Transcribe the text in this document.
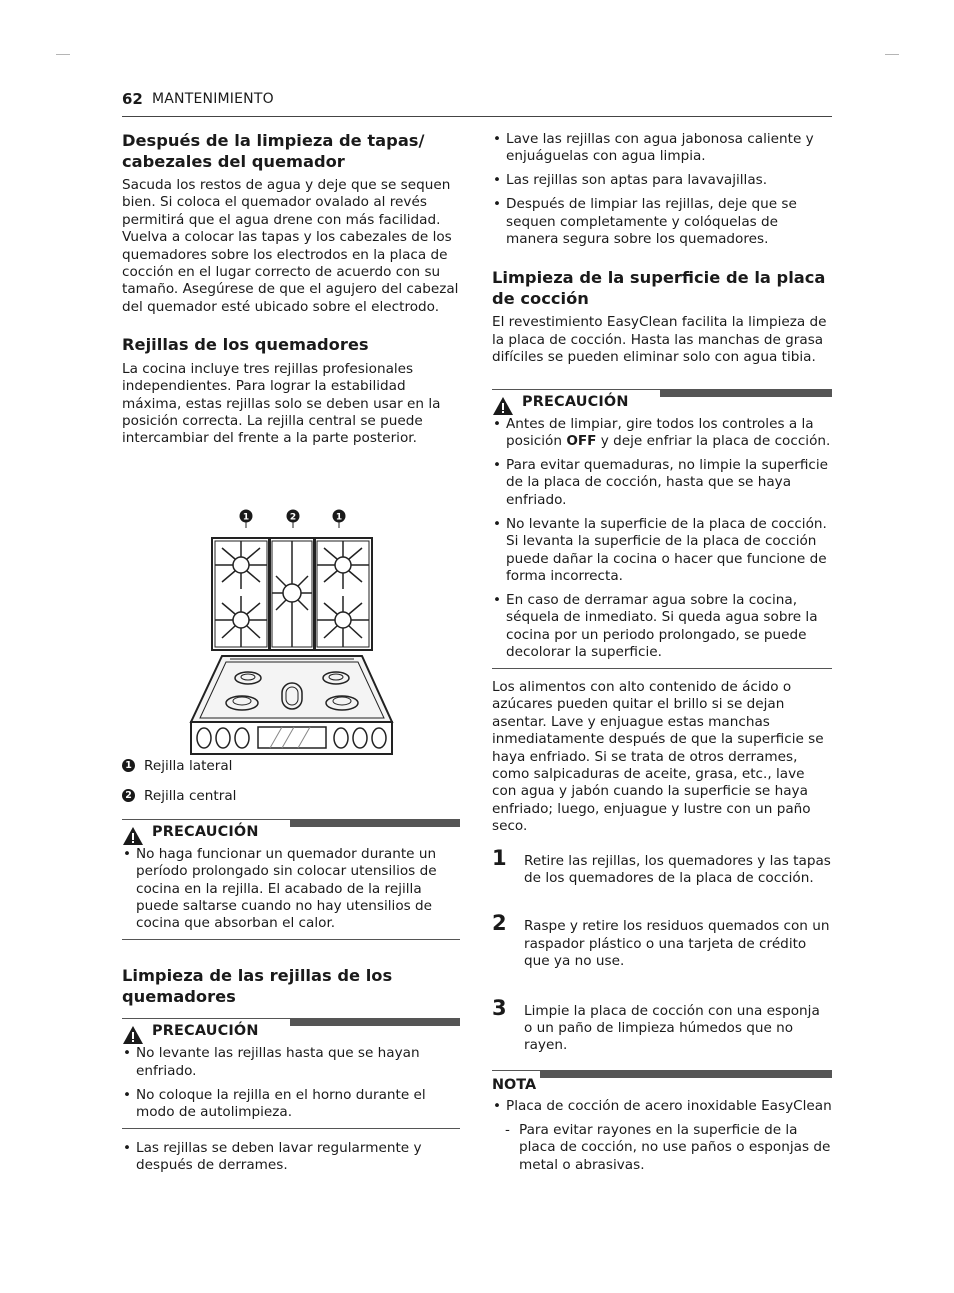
62 MANTENIMIENTO
Después de la limpieza de tapas/ cabezales del quemador

Sacuda los restos de agua y deje que se sequen bien. Si coloca el quemador ovalado al revés permitirá que el agua drene con más facilidad. Vuelva a colocar las tapas y los cabezales de los quemadores sobre los electrodos en la placa de cocción en el lugar correcto de acuerdo con su tamaño. Asegúrese de que el agujero del cabezal del quemador esté ubicado sobre el electrodo.

Rejillas de los quemadores

La cocina incluye tres rejillas profesionales independientes. Para lograr la estabilidad máxima, estas rejillas solo se deben usar en la posición correcta. La rejilla central se puede intercambiar del frente a la parte posterior.

1	2	1
1 Rejilla lateral
2 Rejilla central
PRECAUCIÓN
• No haga funcionar un quemador durante un período prolongado sin colocar utensilios de cocina en la rejilla. El acabado de la rejilla puede saltarse cuando no hay utensilios de cocina que absorban el calor.
Limpieza de las rejillas de los quemadores
PRECAUCIÓN
• No levante las rejillas hasta que se hayan enfriado.
• No coloque la rejilla en el horno durante el modo de autolimpieza.
• Las rejillas se deben lavar regularmente y después de derrames.
• Lave las rejillas con agua jabonosa caliente y enjuáguelas con agua limpia.
• Las rejillas son aptas para lavavajillas.
• Después de limpiar las rejillas, deje que se sequen completamente y colóquelas de manera segura sobre los quemadores.
Limpieza de la superficie de la placa de cocción

El revestimiento EasyClean facilita la limpieza de la placa de cocción. Hasta las manchas de grasa difíciles se pueden eliminar solo con agua tibia.

PRECAUCIÓN
• Antes de limpiar, gire todos los controles a la posición OFF y deje enfriar la placa de cocción.
• Para evitar quemaduras, no limpie la superficie de la placa de cocción, hasta que se haya enfriado.
• No levante la superficie de la placa de cocción. Si levanta la superficie de la placa de cocción puede dañar la cocina o hacer que funcione de forma incorrecta.
• En caso de derramar agua sobre la cocina, séquela de inmediato. Si queda agua sobre la cocina por un periodo prolongado, se puede decolorar la superficie.

Los alimentos con alto contenido de ácido o azúcares pueden quitar el brillo si se dejan asentar. Lave y enjuague estas manchas inmediatamente después de que la superficie se haya enfriado. Si se trata de otros derrames, como salpicaduras de aceite, grasa, etc., lave con agua y jabón cuando la superficie se haya enfriado; luego, enjuague y lustre con un paño seco.

1 Retire las rejillas, los quemadores y las tapas de los quemadores de la placa de cocción.

2 Raspe y retire los residuos quemados con un raspador plástico o una tarjeta de crédito que ya no use.

3 Limpie la placa de cocción con una esponja o un paño de limpieza húmedos que no rayen.

NOTA
• Placa de cocción de acero inoxidable EasyClean
- Para evitar rayones en la superficie de la placa de cocción, no use paños o esponjas de metal o abrasivas.
